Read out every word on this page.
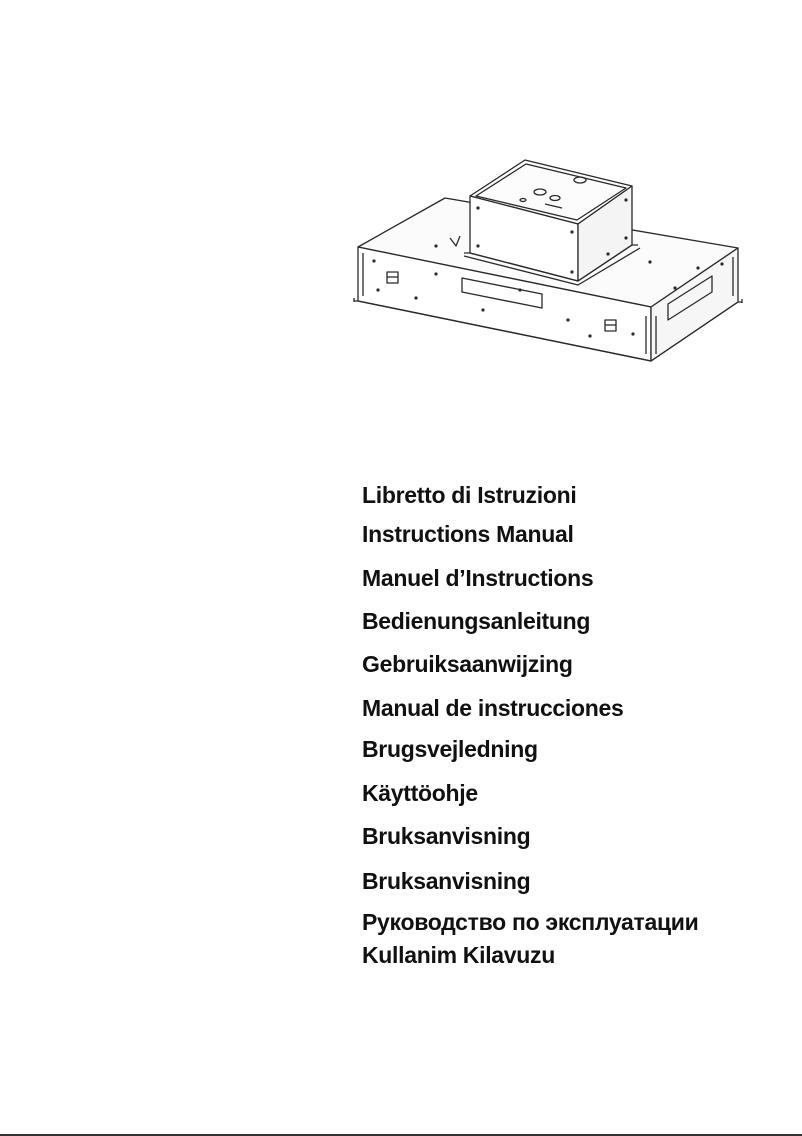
Libretto di Istruzioni
Instructions Manual
Manuel d’Instructions
Bedienungsanleitung
Gebruiksaanwijzing
Manual de instrucciones
Brugsvejledning
Käyttöohje
Bruksanvisning
Bruksanvisning
Руководство по эксплуатации
Kullanim Kilavuzu
